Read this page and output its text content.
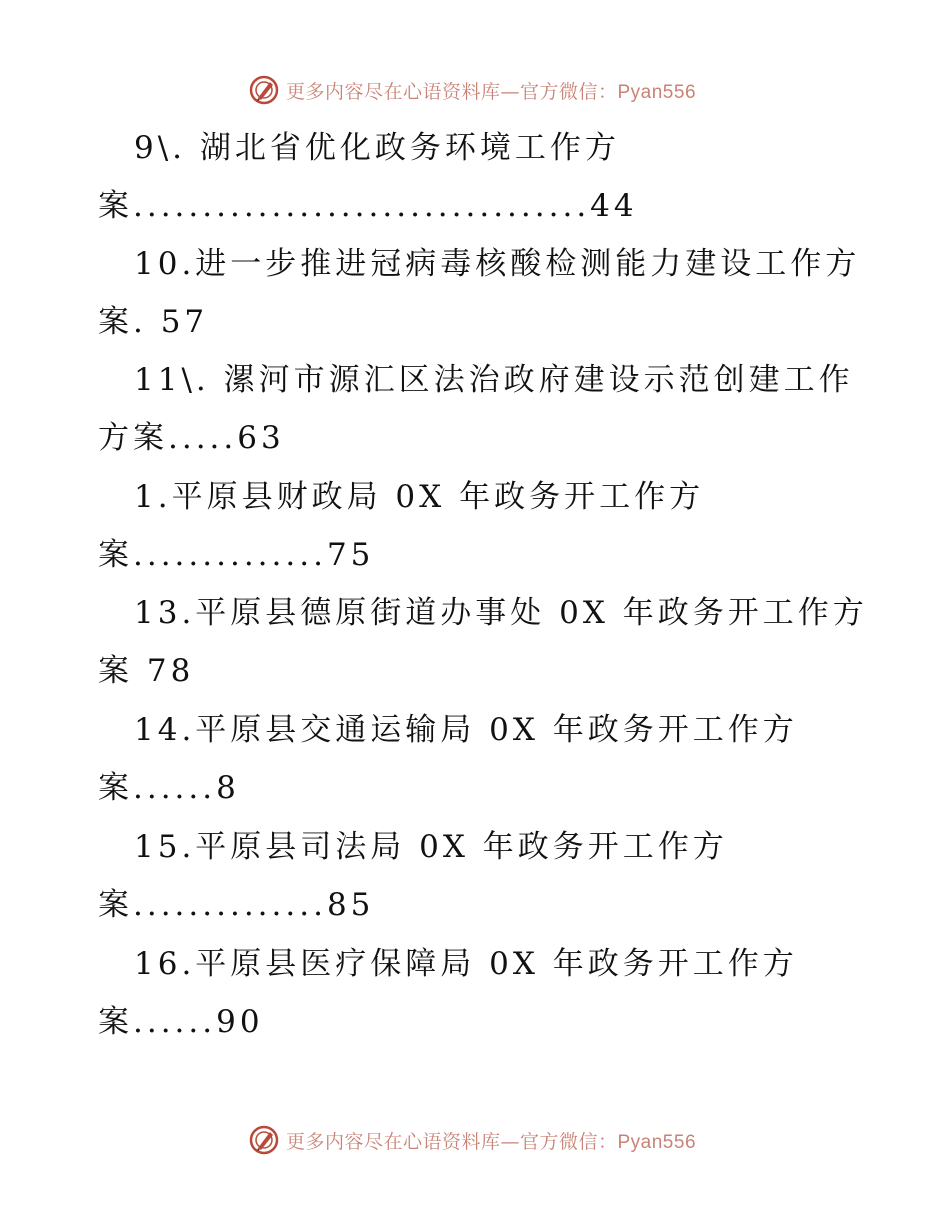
更多内容尽在心语资料库—官方微信：Pyan556
9\. 湖北省优化政务环境工作方
案.................................44
10.进一步推进冠病毒核酸检测能力建设工作方
案. 57
11\. 漯河市源汇区法治政府建设示范创建工作
方案.....63
1.平原县财政局 0X 年政务开工作方
案..............75
13.平原县德原街道办事处 0X 年政务开工作方
案 78
14.平原县交通运输局 0X 年政务开工作方
案......8
15.平原县司法局 0X 年政务开工作方
案..............85
16.平原县医疗保障局 0X 年政务开工作方
案......90
更多内容尽在心语资料库—官方微信：Pyan556
